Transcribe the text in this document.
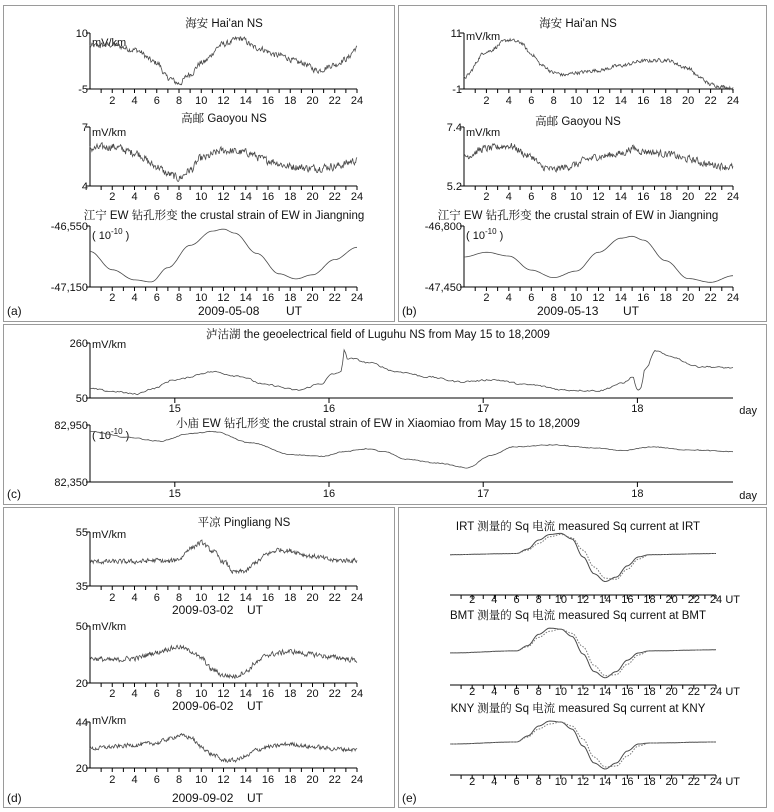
(a)	(b)
(c)
(d)	(e)
2009-05-08 UT	2009-05-13 UT
2009-09-02 UT
2 4 6 8 10 12 14 16 18 20 22 24
10
-5
mV/km
海安 Hai'an NS
2 4 6 8 10 12 14 16 18 20 22 24
7
4
mV/km
高邮 Gaoyou NS
2 4 6 8 10 12 14 16 18 20 22 24
-46,550
-47,150
( $10^{-10}$ )
江宁 EW 钻孔形变 the crustal strain of EW in Jiangning
2 4 6 8 10 12 14 16 18 20 22 24
11
-1
mV/km
海安 Hai'an NS
2 4 6 8 10 12 14 16 18 20 22 24
7.4
5.2
mV/km
高邮 Gaoyou NS
2 4 6 8 10 12 14 16 18 20 22 24
-46,800
-47,450
( $10^{-10}$ )
江宁 EW 钻孔形变 the crustal strain of EW in Jiangning
15	16	17	18	day
260
50
mV/km
泸沽湖 the geoelectrical field of Luguhu NS from May 15 to 18,2009
15	16	17	18	day
82,950
82,350
( $10^{-10}$ )
小庙 EW 钻孔形变 the crustal strain of EW in Xiaomiao from May 15 to 18,2009
2 4 6 8 10 12 14 16 18 20 22 24
55
35
mV/km
平凉 Pingliang NS
2009-03-02 UT
2 4 6 8 10 12 14 16 18 20 22 24
50
20
mV/km
2009-06-02 UT
2 4 6 8 10 12 14 16 18 20 22 24
44
20
mV/km
2 4 6 8 10 12 14 16 18 20 22 24 UT
IRT 测量的 Sq 电流 measured Sq current at IRT
2 4 6 8 10 12 14 16 18 20 22 24 UT
BMT 测量的 Sq 电流 measured Sq current at BMT
2 4 6 8 10 12 14 16 18 20 22 24 UT
KNY 测量的 Sq 电流 measured Sq current at KNY
